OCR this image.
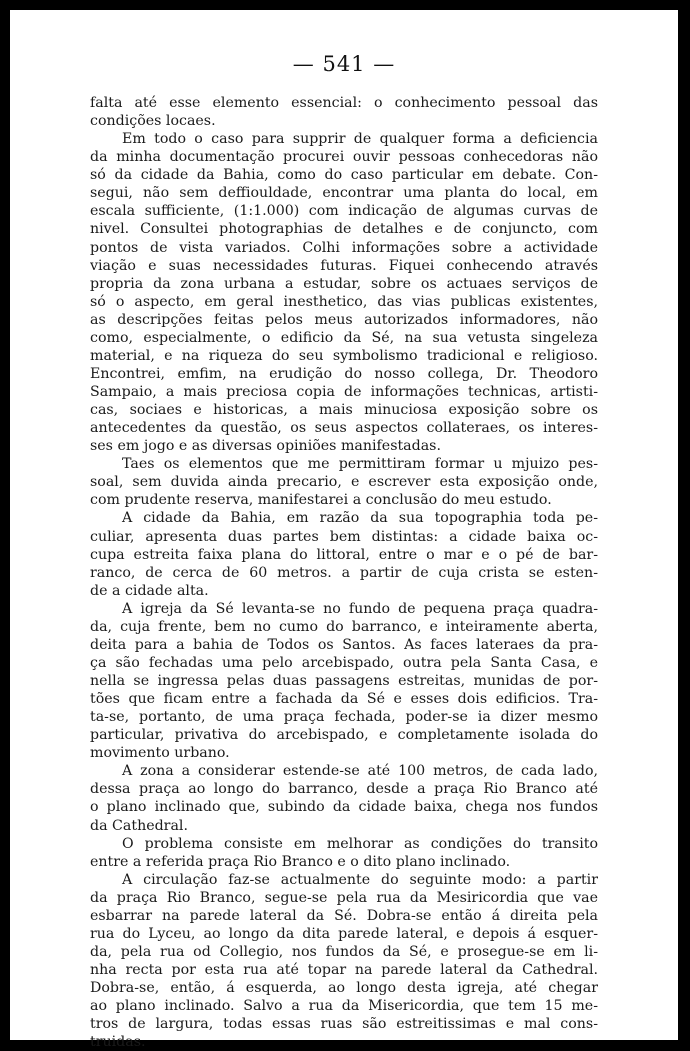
— 541 —
falta até esse elemento essencial: o conhecimento pessoal das
condições locaes.
Em todo o caso para supprir de qualquer forma a deficiencia
da minha documentação procurei ouvir pessoas conhecedoras não
só da cidade da Bahia, como do caso particular em debate. Con-
segui, não sem deffiouldade, encontrar uma planta do local, em
escala sufficiente, (1:1.000) com indicação de algumas curvas de
nivel. Consultei photographias de detalhes e de conjuncto, com
pontos de vista variados. Colhi informações sobre a actividade
viação e suas necessidades futuras. Fiquei conhecendo através
propria da zona urbana a estudar, sobre os actuaes serviços de
só o aspecto, em geral inesthetico, das vias publicas existentes,
as descripções feitas pelos meus autorizados informadores, não
como, especialmente, o edificio da Sé, na sua vetusta singeleza
material, e na riqueza do seu symbolismo tradicional e religioso.
Encontrei, emfim, na erudição do nosso collega, Dr. Theodoro
Sampaio, a mais preciosa copia de informações technicas, artisti-
cas, sociaes e historicas, a mais minuciosa exposição sobre os
antecedentes da questão, os seus aspectos collateraes, os interes-
ses em jogo e as diversas opiniões manifestadas.
Taes os elementos que me permittiram formar u mjuizo pes-
soal, sem duvida ainda precario, e escrever esta exposição onde,
com prudente reserva, manifestarei a conclusão do meu estudo.
A cidade da Bahia, em razão da sua topographia toda pe-
culiar, apresenta duas partes bem distintas: a cidade baixa oc-
cupa estreita faixa plana do littoral, entre o mar e o pé de bar-
ranco, de cerca de 60 metros. a partir de cuja crista se esten-
de a cidade alta.
A igreja da Sé levanta-se no fundo de pequena praça quadra-
da, cuja frente, bem no cumo do barranco, e inteiramente aberta,
deita para a bahia de Todos os Santos. As faces lateraes da pra-
ça são fechadas uma pelo arcebispado, outra pela Santa Casa, e
nella se ingressa pelas duas passagens estreitas, munidas de por-
tões que ficam entre a fachada da Sé e esses dois edificios. Tra-
ta-se, portanto, de uma praça fechada, poder-se ia dizer mesmo
particular, privativa do arcebispado, e completamente isolada do
movimento urbano.
A zona a considerar estende-se até 100 metros, de cada lado,
dessa praça ao longo do barranco, desde a praça Rio Branco até
o plano inclinado que, subindo da cidade baixa, chega nos fundos
da Cathedral.
O problema consiste em melhorar as condições do transito
entre a referida praça Rio Branco e o dito plano inclinado.
A circulação faz-se actualmente do seguinte modo: a partir
da praça Rio Branco, segue-se pela rua da Mesiricordia que vae
esbarrar na parede lateral da Sé. Dobra-se então á direita pela
rua do Lyceu, ao longo da dita parede lateral, e depois á esquer-
da, pela rua od Collegio, nos fundos da Sé, e prosegue-se em li-
nha recta por esta rua até topar na parede lateral da Cathedral.
Dobra-se, então, á esquerda, ao longo desta igreja, até chegar
ao plano inclinado. Salvo a rua da Misericordia, que tem 15 me-
tros de largura, todas essas ruas são estreitissimas e mal cons-
truidas.
